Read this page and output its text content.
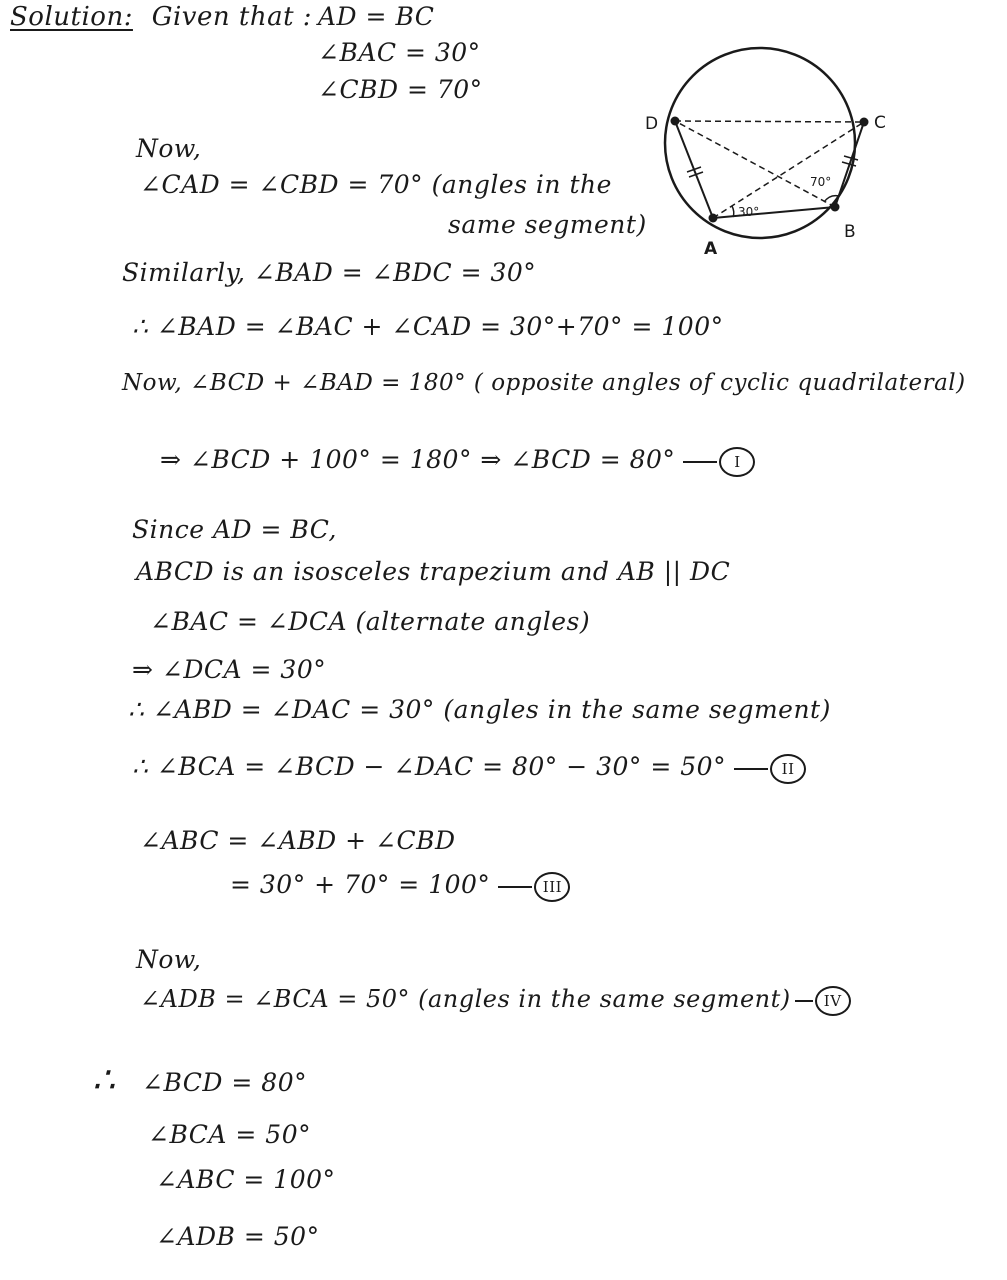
Solution: Given that : AD = BC
∠BAC = 30°
∠CBD = 70°
D	C
A
B
70°
30°
Now,
∠CAD = ∠CBD = 70° (angles in the
same segment)
Similarly, ∠BAD = ∠BDC = 30°
∴ ∠BAD = ∠BAC + ∠CAD = 30°+70° = 100°
Now, ∠BCD + ∠BAD = 180° ( opposite angles of cyclic quadrilateral)
⇒ ∠BCD + 100° = 180° ⇒ ∠BCD = 80°	I
Since AD = BC,
ABCD is an isosceles trapezium and AB || DC
∠BAC = ∠DCA (alternate angles)
⇒ ∠DCA = 30°
∴ ∠ABD = ∠DAC = 30° (angles in the same segment)
∴ ∠BCA = ∠BCD − ∠DAC = 80° − 30° = 50°	II
∠ABC = ∠ABD + ∠CBD
= 30° + 70° = 100°	III
Now,
∠ADB = ∠BCA = 50° (angles in the same segment) IV
∴ ∠BCD = 80°
∠BCA = 50°
∠ABC = 100°
∠ADB = 50°
